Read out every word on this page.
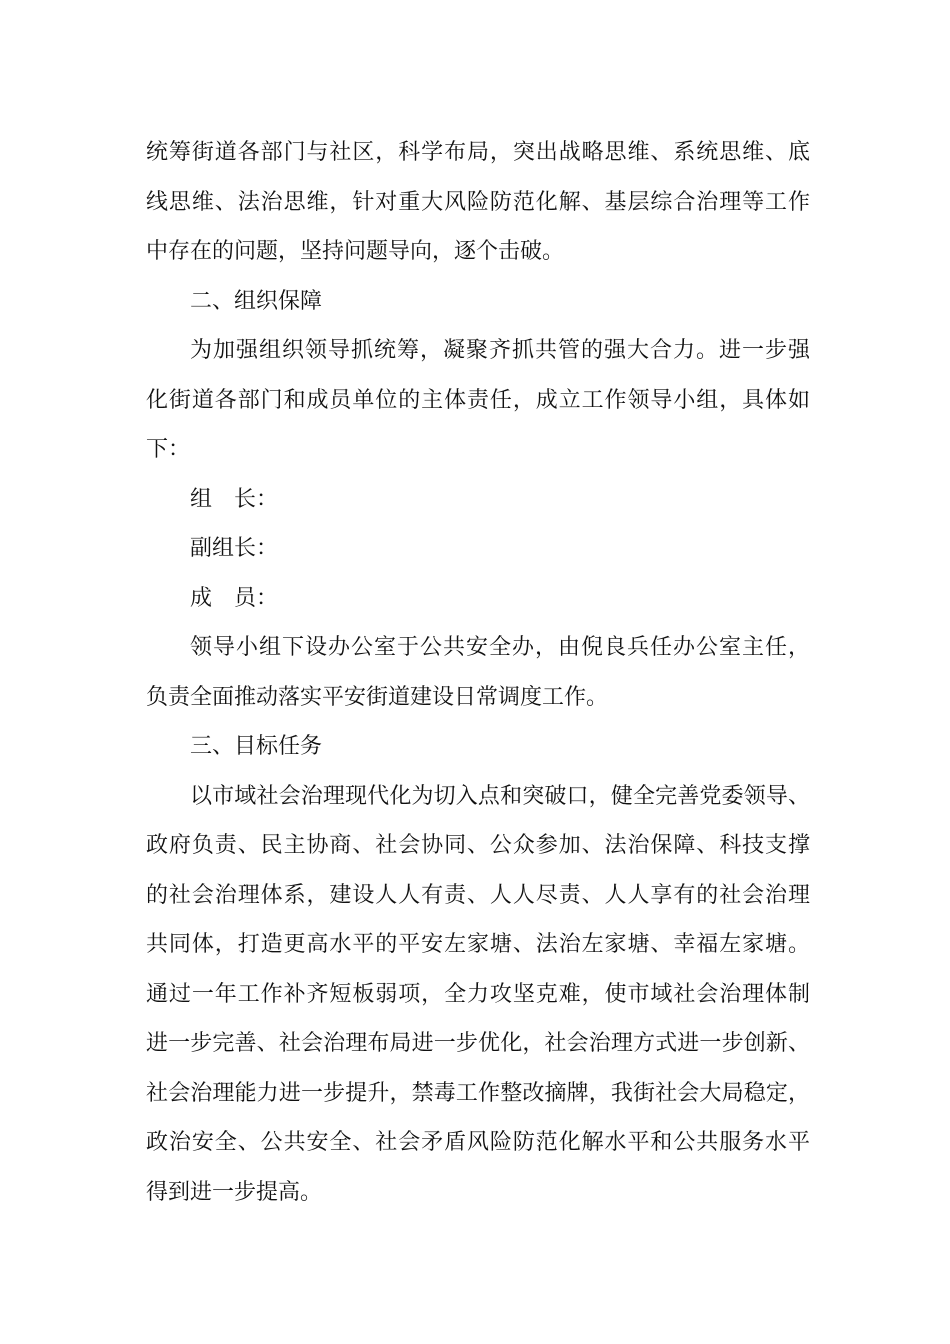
统筹街道各部门与社区，科学布局，突出战略思维、系统思维、底
线思维、法治思维，针对重大风险防范化解、基层综合治理等工作
中存在的问题，坚持问题导向，逐个击破。
二、组织保障
为加强组织领导抓统筹，凝聚齐抓共管的强大合力。进一步强
化街道各部门和成员单位的主体责任，成立工作领导小组，具体如
下：
组　长：
副组长：
成　员：
领导小组下设办公室于公共安全办，由倪良兵任办公室主任，
负责全面推动落实平安街道建设日常调度工作。
三、目标任务
以市域社会治理现代化为切入点和突破口，健全完善党委领导、
政府负责、民主协商、社会协同、公众参加、法治保障、科技支撑
的社会治理体系，建设人人有责、人人尽责、人人享有的社会治理
共同体，打造更高水平的平安左家塘、法治左家塘、幸福左家塘。
通过一年工作补齐短板弱项，全力攻坚克难，使市域社会治理体制
进一步完善、社会治理布局进一步优化，社会治理方式进一步创新、
社会治理能力进一步提升，禁毒工作整改摘牌，我街社会大局稳定，
政治安全、公共安全、社会矛盾风险防范化解水平和公共服务水平
得到进一步提高。
